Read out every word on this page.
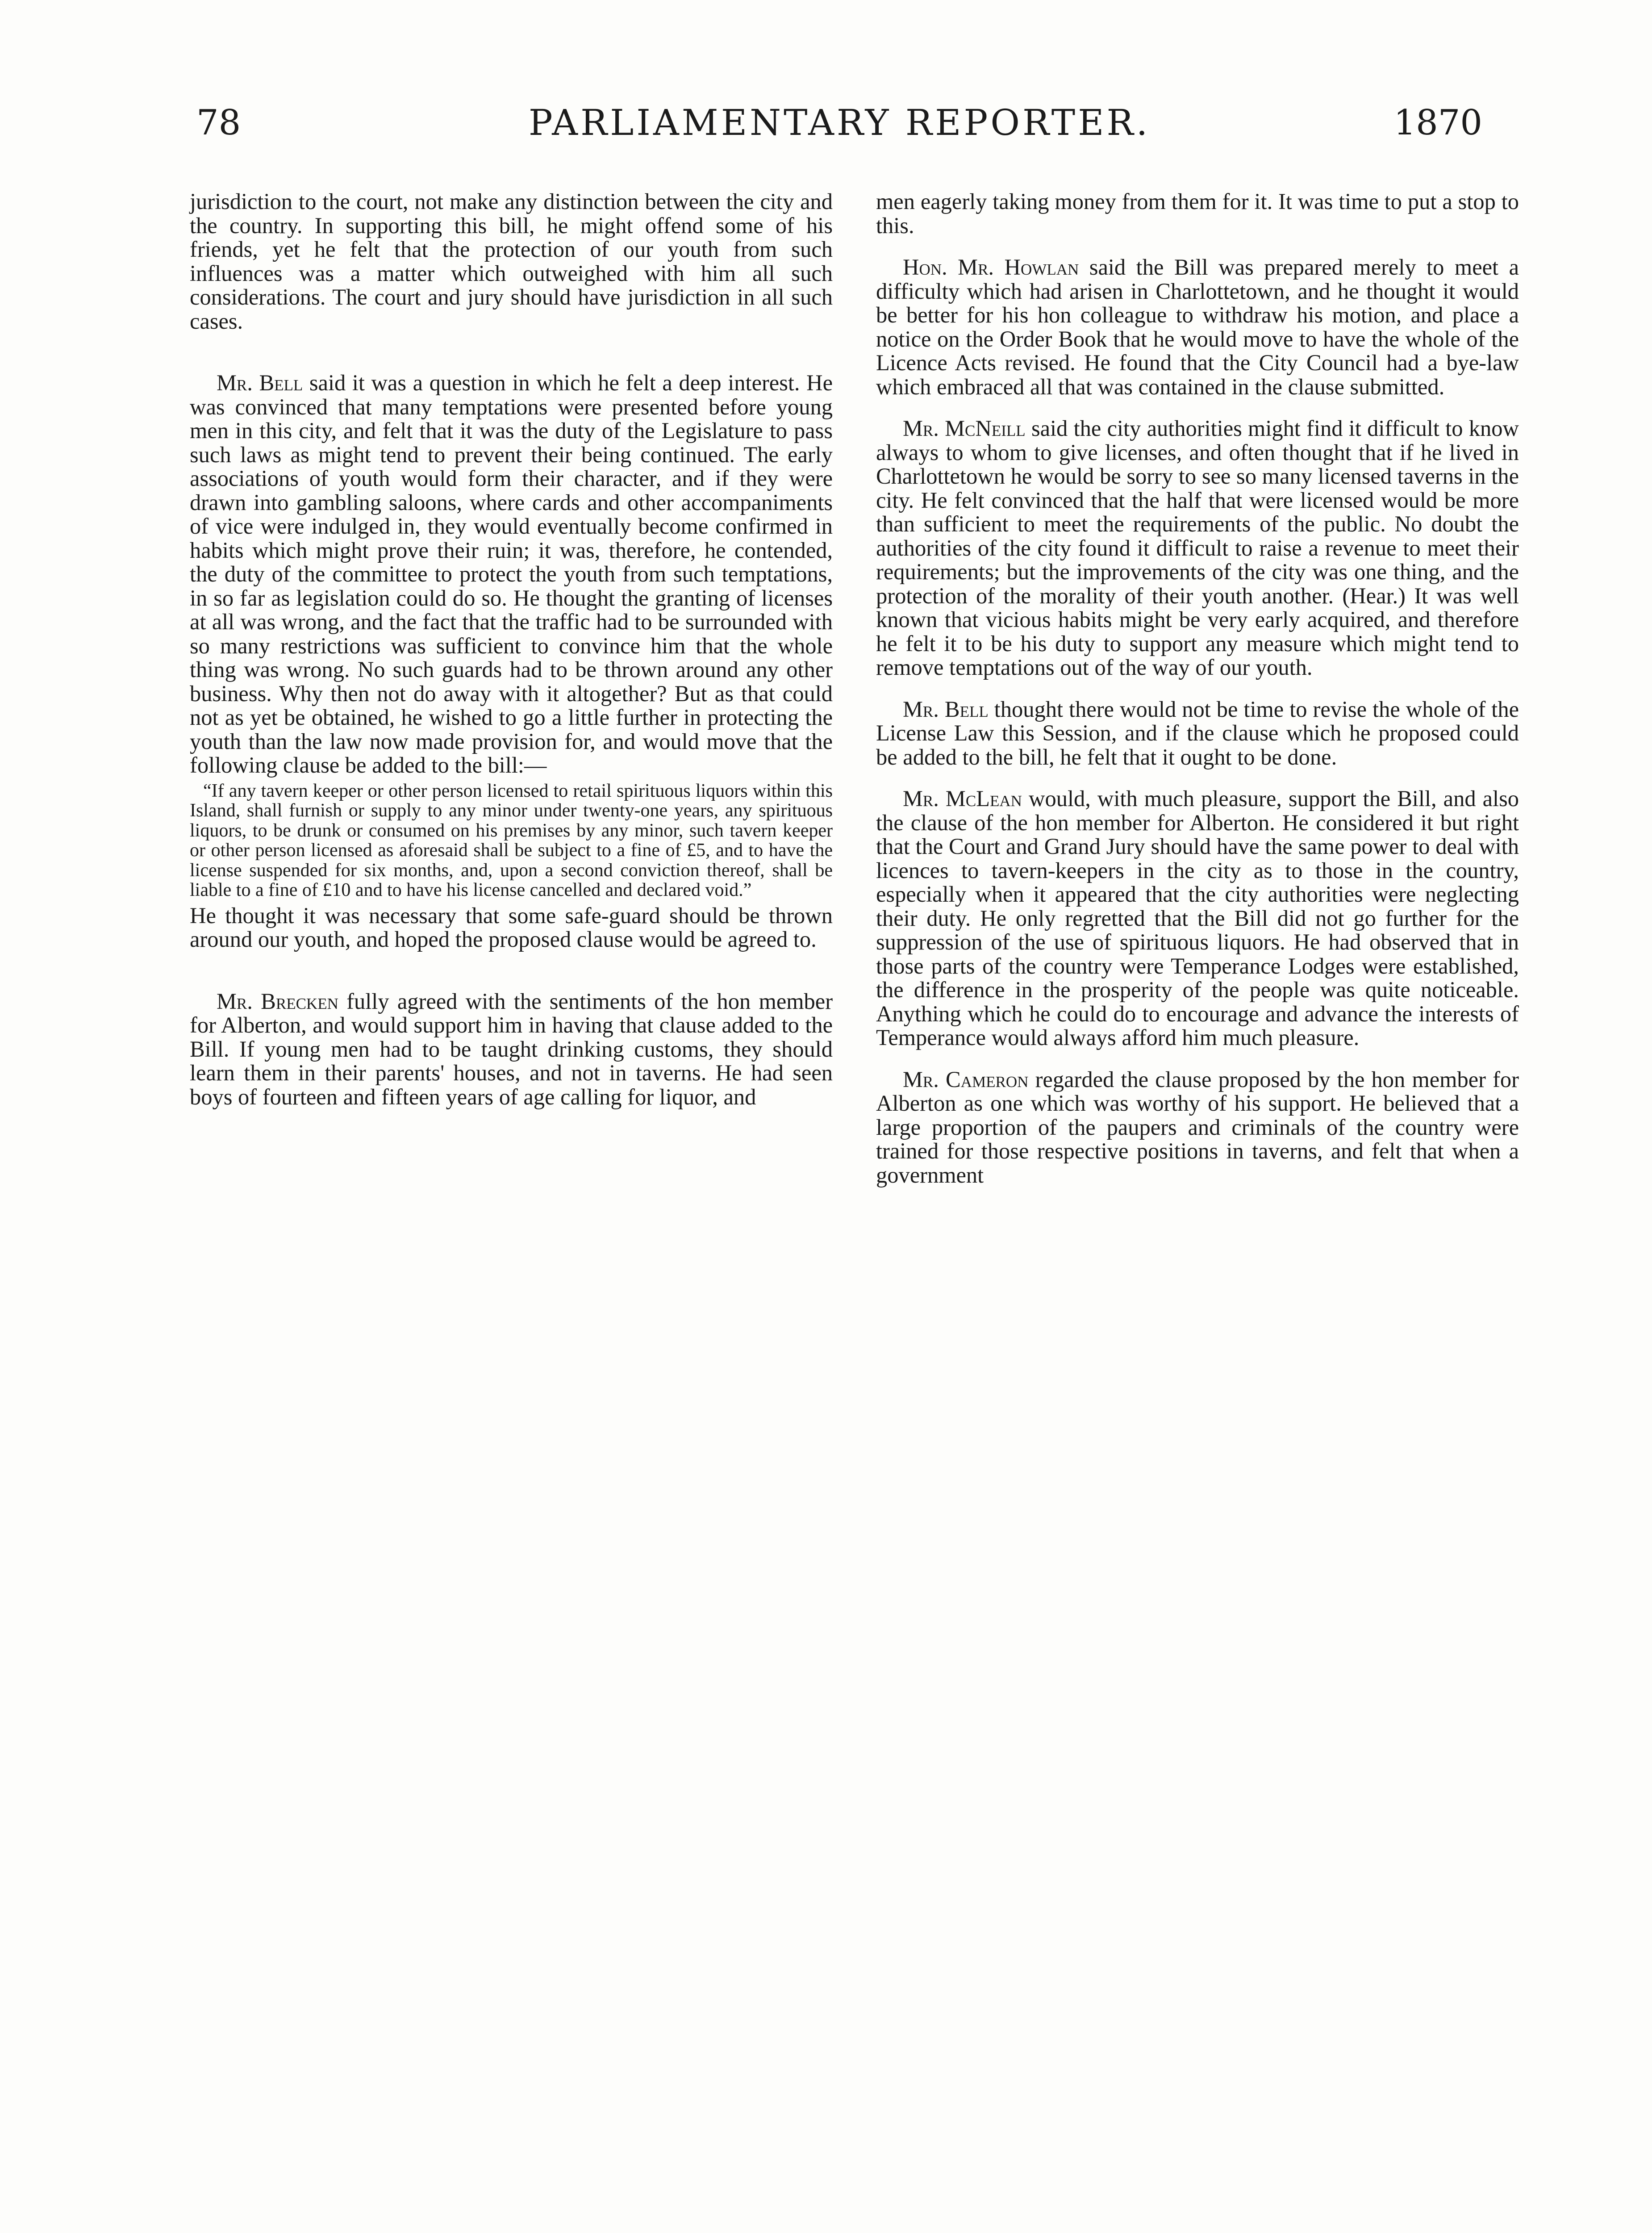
78	PARLIAMENTARY REPORTER.	1870

jurisdiction to the court, not make any distinction between the city and the country. In supporting this bill, he might offend some of his friends, yet he felt that the protection of our youth from such influences was a matter which outweighed with him all such considerations. The court and jury should have jurisdiction in all such cases.

Mr. Bell said it was a question in which he felt a deep interest. He was convinced that many temptations were presented before young men in this city, and felt that it was the duty of the Legislature to pass such laws as might tend to prevent their being continued. The early associations of youth would form their character, and if they were drawn into gambling saloons, where cards and other accompaniments of vice were indulged in, they would eventually become confirmed in habits which might prove their ruin; it was, therefore, he contended, the duty of the committee to protect the youth from such temptations, in so far as legislation could do so. He thought the granting of licenses at all was wrong, and the fact that the traffic had to be surrounded with so many restrictions was sufficient to convince him that the whole thing was wrong. No such guards had to be thrown around any other business. Why then not do away with it altogether? But as that could not as yet be obtained, he wished to go a little further in protecting the youth than the law now made provision for, and would move that the following clause be added to the bill:—

“If any tavern keeper or other person licensed to retail spirituous liquors within this Island, shall furnish or supply to any minor under twenty-one years, any spirituous liquors, to be drunk or consumed on his premises by any minor, such tavern keeper or other person licensed as aforesaid shall be subject to a fine of £5, and to have the license suspended for six months, and, upon a second conviction thereof, shall be liable to a fine of £10 and to have his license cancelled and declared void.”

He thought it was necessary that some safe-guard should be thrown around our youth, and hoped the proposed clause would be agreed to.

Mr. Brecken fully agreed with the sentiments of the hon member for Alberton, and would support him in having that clause added to the Bill. If young men had to be taught drinking customs, they should learn them in their parents' houses, and not in taverns. He had seen boys of fourteen and fifteen years of age calling for liquor, and

men eagerly taking money from them for it. It was time to put a stop to this.

Hon. Mr. Howlan said the Bill was prepared merely to meet a difficulty which had arisen in Charlottetown, and he thought it would be better for his hon colleague to withdraw his motion, and place a notice on the Order Book that he would move to have the whole of the Licence Acts revised. He found that the City Council had a bye-law which embraced all that was contained in the clause submitted.

Mr. McNeill said the city authorities might find it difficult to know always to whom to give licenses, and often thought that if he lived in Charlottetown he would be sorry to see so many licensed taverns in the city. He felt convinced that the half that were licensed would be more than sufficient to meet the requirements of the public. No doubt the authorities of the city found it difficult to raise a revenue to meet their requirements; but the improvements of the city was one thing, and the protection of the morality of their youth another. (Hear.) It was well known that vicious habits might be very early acquired, and therefore he felt it to be his duty to support any measure which might tend to remove temptations out of the way of our youth.

Mr. Bell thought there would not be time to revise the whole of the License Law this Session, and if the clause which he proposed could be added to the bill, he felt that it ought to be done.

Mr. McLean would, with much pleasure, support the Bill, and also the clause of the hon member for Alberton. He considered it but right that the Court and Grand Jury should have the same power to deal with licences to tavern-keepers in the city as to those in the country, especially when it appeared that the city authorities were neglecting their duty. He only regretted that the Bill did not go further for the suppression of the use of spirituous liquors. He had observed that in those parts of the country were Temperance Lodges were established, the difference in the prosperity of the people was quite noticeable. Anything which he could do to encourage and advance the interests of Temperance would always afford him much pleasure.

Mr. Cameron regarded the clause proposed by the hon member for Alberton as one which was worthy of his support. He believed that a large proportion of the paupers and criminals of the country were trained for those respective positions in taverns, and felt that when a government
